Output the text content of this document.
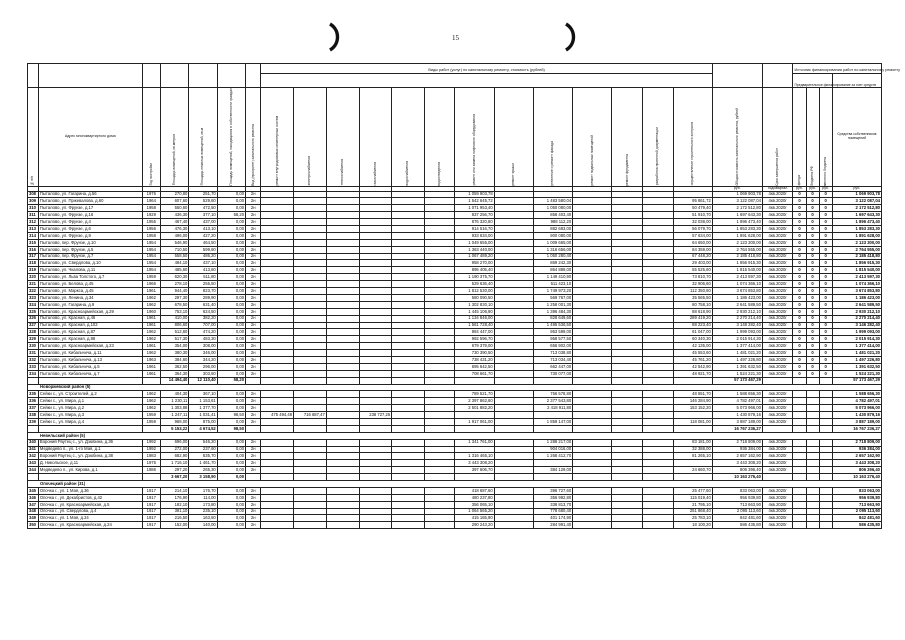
15
							Виды работ (услуг) по капитальному ремонту, стоимость (рублей)															Источник финансирования работ по капитальному ремонту			
																						Предварительное финансирование за счет средств			

№ п/п	Адрес многоквартирного дома	Год постройки	Площадь помещений, кв.метров	Площадь нежилых помещений, кв.м	Площадь помещений, находящихся в собственности граждан	Вид (приоритет) капитального ремонта	ремонт внутридомовых инженерных систем	электроснабжения	теплоснабжения	газоснабжения	водоснабжения	водоотведения	ремонт или замена лифтового оборудования	ремонт крыши	утепление и ремонт фасада	ремонт подвальных помещений	ремонт фундамента	разработка проектной документации	осуществление строительного контроля	Общая стоимость капитального ремонта, рублей	Срок завершения работ	фонда	бюджета РФ	местного бюджета	Средства собственников помещений
																				руб.	год/квартал	руб.	руб.	руб.	руб.
308	Пыталово, ул. Гагарина, д.56	1976	270,80	251,70	0,00	2н							1 059 903,78							1 069 903,78	4кв.2020г	0	0	0	1 069 903,78
309	Пыталово, ул. Пржевалова, д.60	1964	607,60	529,60	0,00	2н							1 542 645,72		1 483 580,04				95 861,72	3 122 087,04	4кв.2020г	0	0	0	3 122 087,04
310	Пыталово, ул. Фрунзе, д.17	1958	550,60	472,50	0,00	2н							1 071 953,40		1 050 080,00				50 479,40	2 172 512,80	4кв.2020г	0	0	0	2 172 512,80
311	Пыталово, ул. Фрунзе, д.16	1929	436,30	377,10	58,20	2н							837 256,70		858 403,40				51 910,70	1 697 643,30	4кв.2020г	0	0	0	1 697 643,30
312	Пыталово, ул. Фрунзе, д.4	1955	467,40	437,00	0,00	2н							876 320,80		988 112,20				32 038,00	1 896 473,40	4кв.2020г	0	0	0	1 896 473,40
313	Пыталово, ул. Фрунзе, д.6	1956	476,30	413,10	0,00	2н							914 516,70		882 683,00				56 079,70	1 853 283,30	4кв.2020г	0	0	0	1 853 283,30
314	Пыталово, ул. Фрунзе, д.9	1958	496,00	427,20	0,00	2н							933 634,00		900 080,00				57 634,00	1 891 628,00	4кв.2020г	0	0	0	1 891 628,00
315	Пыталово, пер. Фрунзе, д.10	1954	546,90	464,50	0,00	2н							1 049 655,00		1 009 665,00				64 650,00	2 123 300,00	4кв.2020г	0	0	0	2 123 300,00
316	Пыталово, пер. Фрунзе, д.5	1954	710,50	599,60	0,00	2н							1 363 440,00		1 316 656,00				84 359,00	2 764 555,00	4кв.2020г	0	0	0	2 764 555,00
317	Пыталово, пер. Фрунзе, д.7	1954	558,50	486,20	0,00	2н							1 067 489,20		1 050 280,40				67 448,20	2 185 418,80	4кв.2020г	0	0	0	2 185 418,80
318	Пыталово, ул. Свердлова, д.10	1954	484,10	437,10	0,00	2н							958 270,00		869 242,30				29 403,00	1 856 915,30	4кв.2020г	0	0	0	1 856 915,30
319	Пыталово, ул. Чкалова, д.11	1954	485,60	413,60	0,00	2н							895 405,40		864 889,00				55 525,60	1 815 540,00	4кв.2020г	0	0	0	1 815 540,00
320	Пыталово, ул. Льва Толстого, д.7	1959	620,30	511,80	0,00	2н							1 190 375,70		1 149 410,90				73 810,70	2 413 597,30	4кв.2020г	0	0	0	2 413 597,30
321	Пыталово, ул. Белова, д.45	1966	278,10	255,50	0,00	2н							529 636,40		511 423,10				32 906,60	1 074 366,10	4кв.2020г	0	0	0	1 074 366,10
322	Пыталово, ул. Маркса, д.45	1961	944,40	823,70	0,00	2н							1 812 530,00		1 749 973,20				112 350,60	3 674 853,80	4кв.2020г	0	0	0	3 674 853,80
323	Пыталово, ул. Ленина, д.34	1962	297,30	289,90	0,00	2н							580 090,50		569 767,00				35 565,50	1 186 423,00	4кв.2020г	0	0	0	1 186 423,00
324	Пыталово, ул. Гагарина, д.9	1962	678,50	631,40	0,00	2н							1 302 830,10		1 258 001,30				80 758,10	2 641 589,50	4кв.2020г	0	0	0	2 641 589,50
325	Пыталово, ул. Красноармейская, д.29	1960	753,10	624,50	0,00	2н							1 445 106,90		1 396 484,30				88 618,90	2 930 212,10	4кв.2020г	0	0	0	2 930 212,10
326	Пыталово, ул. Красная, д.46	1961	410,00	382,20	0,00	2н							1 134 846,00		828 649,60				289 419,20	2 270 214,40	4кв.2020г	0	0	0	2 270 214,40
327	Пыталово, ул. Красная, д.102	1961	806,60	707,00	0,00	2н							1 561 728,40		1 495 536,50				88 223,40	3 148 282,40	4кв.2020г	0	0	0	3 146 282,40
328	Пыталово, ул. Красная, д.87	1962	512,60	474,20	0,00	2н							984 447,00		953 599,00				61 047,00	1 999 093,00	4кв.2020г	0	0	0	1 999 093,00
329	Пыталово, ул. Красная, д.88	1962	517,30	483,30	0,00	2н							992 596,70		958 577,50				60 340,30	2 015 914,30	4кв.2020г	0	0	0	2 015 914,30
330	Пыталово, ул. Красноармейская, д.23	1961	354,00	308,00	0,00	2н							679 379,00		656 902,00				42 135,00	1 377 414,00	4кв.2020г	0	0	0	1 377 414,00
331	Пыталово, ул. Кибальчича, д.11	1962	380,30	346,00	0,00	2н							730 390,50		713 038,80				45 553,60	1 481 021,20	4кв.2020г	0	0	0	1 481 021,20
332	Пыталово, ул. Кибальчича, д.13	1963	384,60	344,20	0,00	2н							738 431,20		713 034,40				45 761,20	1 497 226,80	4кв.2020г	0	0	0	1 497 226,80
333	Пыталово, ул. Кибальчича, д.5	1961	362,50	296,00	0,00	2н							695 642,50		662 447,00				42 542,90	1 391 632,50	4кв.2020г	0	0	0	1 391 632,50
334	Пыталово, ул. Кибальчича, д.7	1961	364,30	303,50	0,00	2н							708 661,70		730 077,00				48 921,70	1 524 221,30	4кв.2020г	0	0	0	1 524 221,30
			14 494,40	12 110,40	58,20															57 173 467,29					57 173 467,29
Новоржевский район (5)																									
335	Сейки с., ул. Строителей, д.2	1962	404,30	367,10	0,00	2н							789 521,70		756 578,80				48 551,70	1 588 656,30	4кв.2020г				1 588 656,30
336	Сейки с., ул. Мира, д.1	1962	1 230,11	1 153,61	0,00	2н							2 397 862,60		2 377 543,80				146 284,90	4 782 497,01	4кв.2020г				4 782 497,01
337	Сейки с., ул. Мира, д.2	1962	1 303,88	1 377,70	0,00	2н							2 501 882,20		2 418 911,80				153 152,20	5 073 966,00	4кв.2020г				5 073 966,00
338	Сейки с., ул. Мира, д.3	1959	1 247,11	1 031,41	98,50	2н	475 494,48	716 687,47		238 727,25										1 430 879,16	4кв.2020г				1 430 879,16
339	Сейки с., ул. Мира, д.4	1959	968,00	875,00	0,00	2н							1 917 061,00		1 859 147,00				118 081,00	3 887 189,00	4кв.2020г				3 887 189,00
			5 153,22	4 674,52	98,50															16 767 236,27					16 767 236,27
Невельский район (5)																									
340	Вороний Раутец с., ул. Дзюбина, д.36	1992	696,00	546,20	0,00	2н							1 341 761,00		1 288 217,00				83 181,00	2 718 809,00	4кв.2020г				2 718 809,00
341	Медведево п., ул. 1-го Мая, д.1	1992	272,00	237,60	0,00	2н									904 016,00				32 388,00	936 384,00	4кв.2020г				936 384,00
342	Вороний Раутец с., ул. Дзюбина, д.38	1983	682,90	635,70	0,00	2н							1 316 465,10		1 268 412,70				81 265,10	2 657 162,90	4кв.2020г				2 657 162,90
343	Д. Никольское, д.11	1975	1 716,10	1 461,70	0,00	2н							3 443 308,20							3 443 308,20	4кв.2020г				3 443 308,20
344	Медведево п., ул. Кирова, д.1	1986	297,20	265,30	0,00	2н							397 606,70		384 129,00				24 660,70	806 396,40	4кв.2020г				806 396,40
			3 667,20	3 158,90	0,00															10 163 276,40					10 163 276,40
Опочецкий район (31)																									
345	Опочка г., ул. 1 Мая, д.36	1917	214,10	176,70	0,00	2н							418 687,60		396 727,60				25 477,60	833 063,00	4кв.2020г				833 063,00
346	Опочка г., ул. Декабристов, д.42	1917	176,90	114,00	0,00	2н							480 237,80		356 992,80				115 019,40	956 939,80	4кв.2020г				956 939,80
347	Опочка г., ул. Красноармейская, д.5	1917	182,10	173,80	0,00	2н							356 065,10		338 813,70				21 795,10	713 663,90	4кв.2020г				713 663,90
348	Опочка г., ул. Свердлова, д.4	1917	391,10	235,10	0,00	2н							1 064 565,20		778 680,40				251 868,40	2 095 113,60	4кв.2020г				2 095 113,60
349	Опочка г., ул. 1 Мая, д.24	1917	216,50	163,50	0,00	2н							415 165,90		401 174,90				25 783,10	842 481,60	4кв.2020г				842 481,60
350	Опочка г., ул. Красноармейская, д.24	1917	152,00	140,00	0,00	2н							290 243,20		284 991,40				18 100,20	586 435,80	4кв.2020г				586 435,80
